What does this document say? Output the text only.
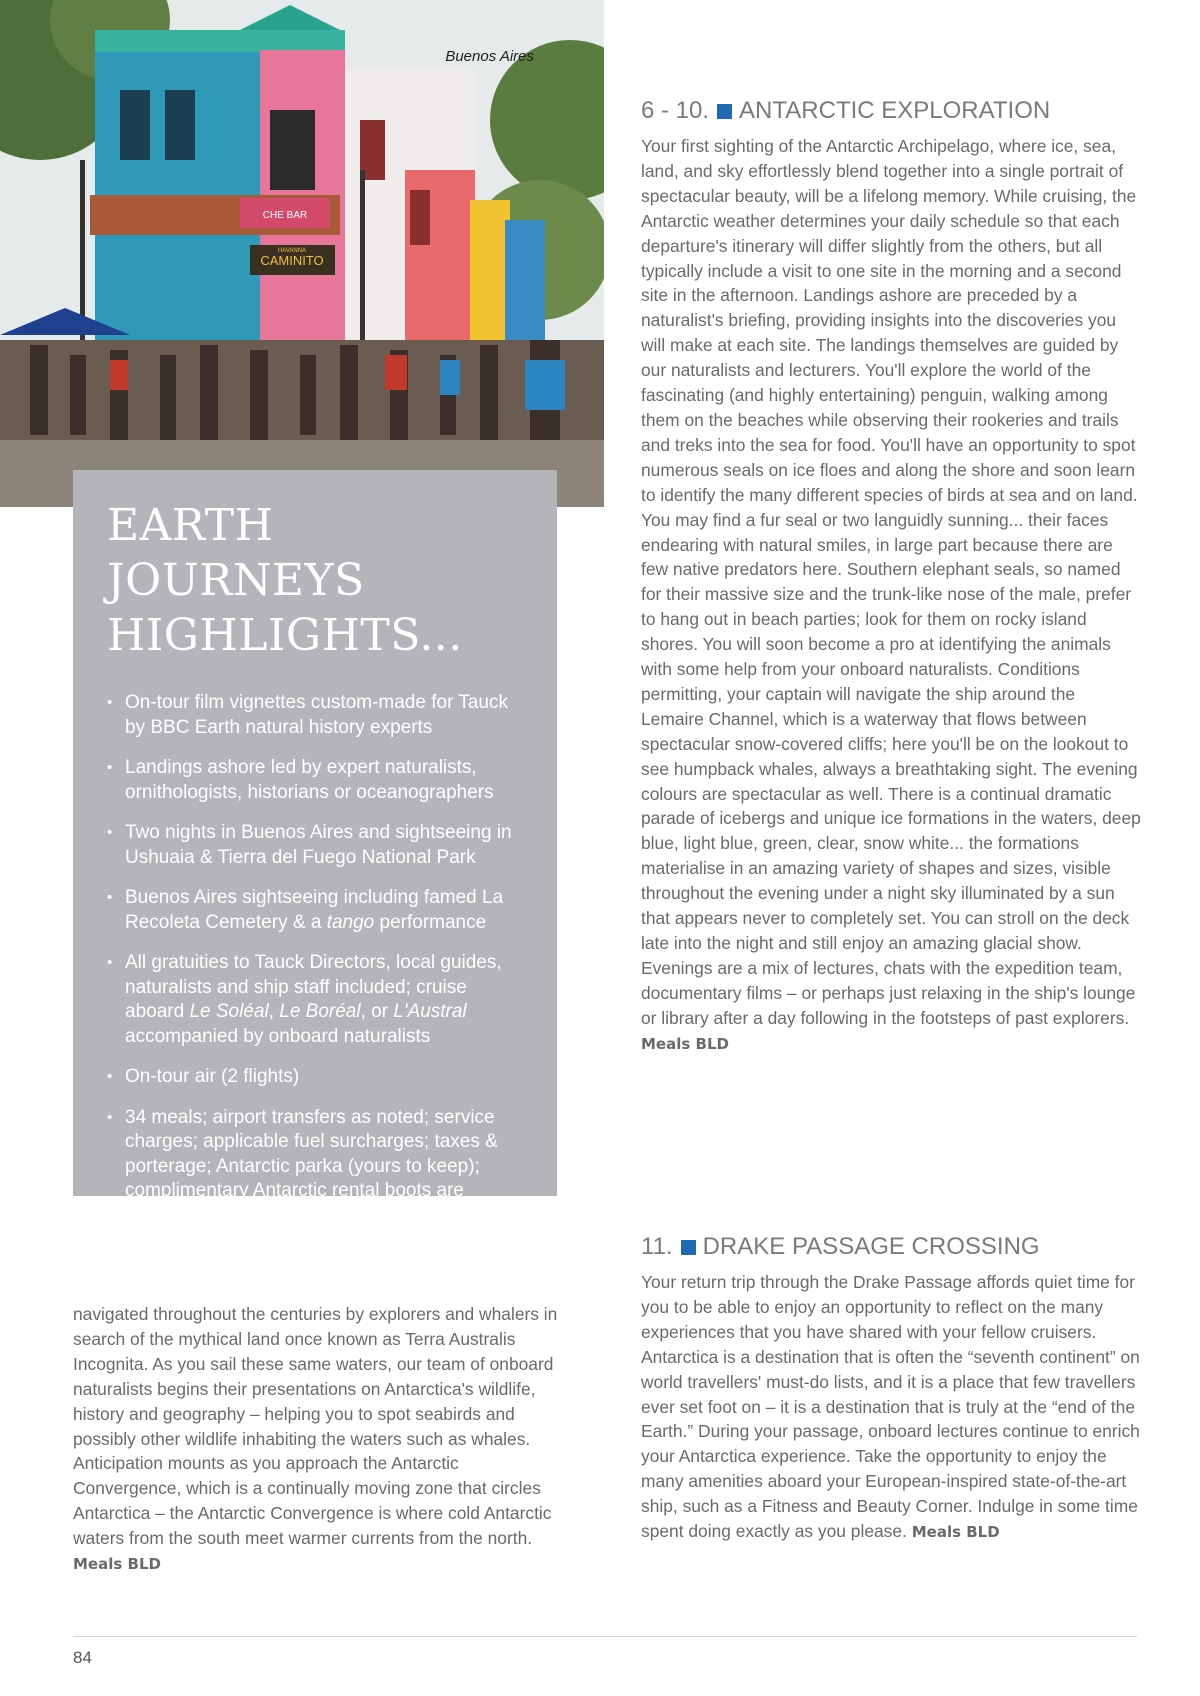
CHE BAR
CAMINITO
HAVANNA
Buenos Aires
EARTH JOURNEYS
HIGHLIGHTS...
• On-tour film vignettes custom-made for Tauck by BBC Earth natural history experts
• Landings ashore led by expert naturalists, ornithologists, historians or oceanographers
• Two nights in Buenos Aires and sightseeing in Ushuaia & Tierra del Fuego National Park
• Buenos Aires sightseeing including famed La Recoleta Cemetery & a tango performance
• All gratuities to Tauck Directors, local guides, naturalists and ship staff included; cruise aboard Le Soléal, Le Boréal, or L'Austral accompanied by onboard naturalists
• On-tour air (2 flights)
• 34 meals; airport transfers as noted; service charges; applicable fuel surcharges; taxes & porterage; Antarctic parka (yours to keep); complimentary Antarctic rental boots are included

navigated throughout the centuries by explorers and whalers in search of the mythical land once known as Terra Australis Incognita. As you sail these same waters, our team of onboard naturalists begins their presentations on Antarctica's wildlife, history and geography – helping you to spot seabirds and possibly other wildlife inhabiting the waters such as whales. Anticipation mounts as you approach the Antarctic Convergence, which is a continually moving zone that circles Antarctica – the Antarctic Convergence is where cold Antarctic waters from the south meet warmer currents from the north. Meals BLD

6 - 10. ANTARCTIC EXPLORATION

Your first sighting of the Antarctic Archipelago, where ice, sea, land, and sky effortlessly blend together into a single portrait of spectacular beauty, will be a lifelong memory. While cruising, the Antarctic weather determines your daily schedule so that each departure's itinerary will differ slightly from the others, but all typically include a visit to one site in the morning and a second site in the afternoon. Landings ashore are preceded by a naturalist's briefing, providing insights into the discoveries you will make at each site. The landings themselves are guided by our naturalists and lecturers. You'll explore the world of the fascinating (and highly entertaining) penguin, walking among them on the beaches while observing their rookeries and trails and treks into the sea for food. You'll have an opportunity to spot numerous seals on ice floes and along the shore and soon learn to identify the many different species of birds at sea and on land. You may find a fur seal or two languidly sunning... their faces endearing with natural smiles, in large part because there are few native predators here. Southern elephant seals, so named for their massive size and the trunk-like nose of the male, prefer to hang out in beach parties; look for them on rocky island shores. You will soon become a pro at identifying the animals with some help from your onboard naturalists. Conditions permitting, your captain will navigate the ship around the Lemaire Channel, which is a waterway that flows between spectacular snow-covered cliffs; here you'll be on the lookout to see humpback whales, always a breathtaking sight. The evening colours are spectacular as well. There is a continual dramatic parade of icebergs and unique ice formations in the waters, deep blue, light blue, green, clear, snow white... the formations materialise in an amazing variety of shapes and sizes, visible throughout the evening under a night sky illuminated by a sun that appears never to completely set. You can stroll on the deck late into the night and still enjoy an amazing glacial show. Evenings are a mix of lectures, chats with the expedition team, documentary films – or perhaps just relaxing in the ship's lounge or library after a day following in the footsteps of past explorers. Meals BLD

11. DRAKE PASSAGE CROSSING

Your return trip through the Drake Passage affords quiet time for you to be able to enjoy an opportunity to reflect on the many experiences that you have shared with your fellow cruisers. Antarctica is a destination that is often the “seventh continent” on world travellers' must-do lists, and it is a place that few travellers ever set foot on – it is a destination that is truly at the “end of the Earth.” During your passage, onboard lectures continue to enrich your Antarctica experience. Take the opportunity to enjoy the many amenities aboard your European-inspired state-of-the-art ship, such as a Fitness and Beauty Corner. Indulge in some time spent doing exactly as you please. Meals BLD

84
